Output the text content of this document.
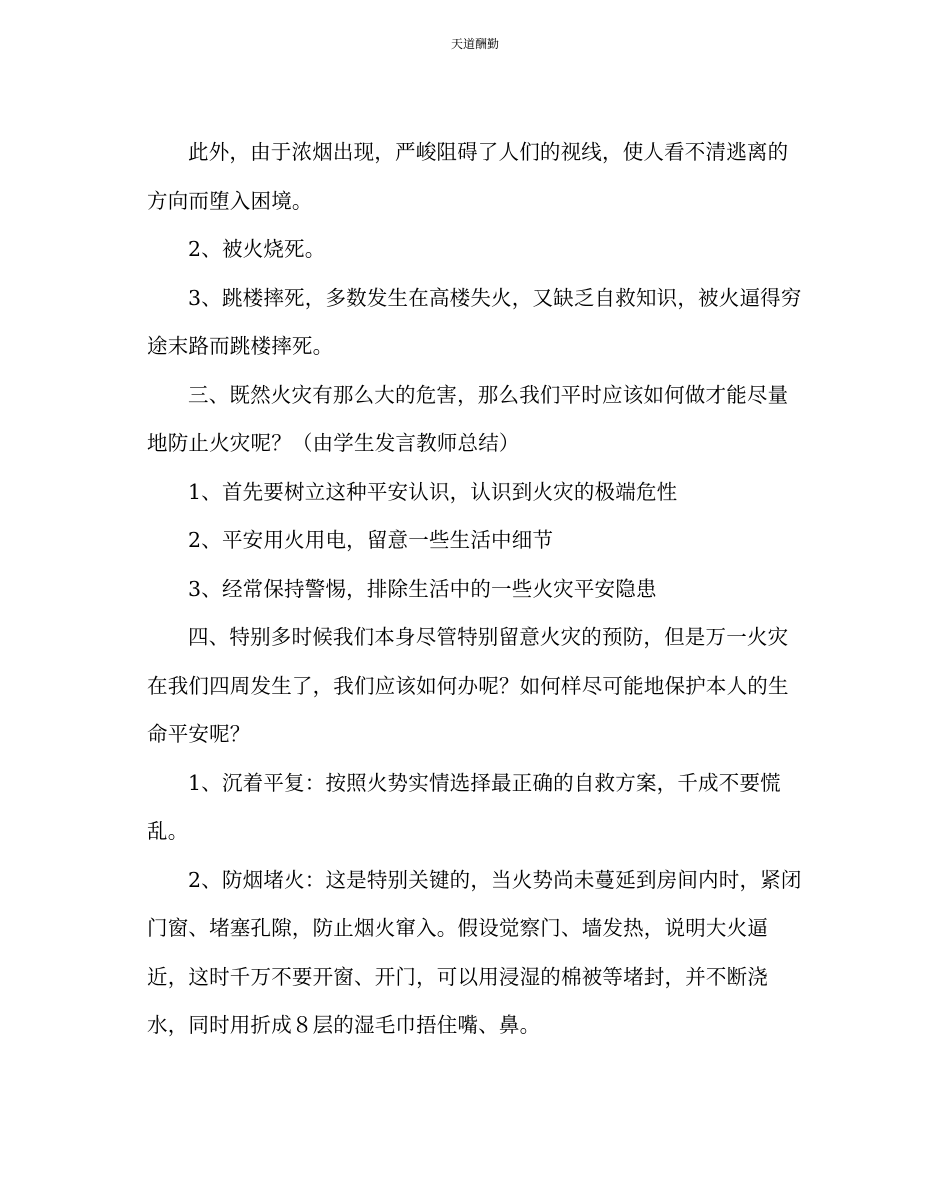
天道酬勤

此外，由于浓烟出现，严峻阻碍了人们的视线，使人看不清逃离的方向而堕入困境。

2、被火烧死。

3、跳楼摔死，多数发生在高楼失火，又缺乏自救知识，被火逼得穷途末路而跳楼摔死。

三、既然火灾有那么大的危害，那么我们平时应该如何做才能尽量地防止火灾呢？（由学生发言教师总结）

1、首先要树立这种平安认识，认识到火灾的极端危性

2、平安用火用电，留意一些生活中细节

3、经常保持警惕，排除生活中的一些火灾平安隐患

四、特别多时候我们本身尽管特别留意火灾的预防，但是万一火灾在我们四周发生了，我们应该如何办呢？如何样尽可能地保护本人的生命平安呢？

1、沉着平复：按照火势实情选择最正确的自救方案，千成不要慌乱。

2、防烟堵火：这是特别关键的，当火势尚未蔓延到房间内时，紧闭门窗、堵塞孔隙，防止烟火窜入。假设觉察门、墙发热，说明大火逼近，这时千万不要开窗、开门，可以用浸湿的棉被等堵封，并不断浇水，同时用折成８层的湿毛巾捂住嘴、鼻。
